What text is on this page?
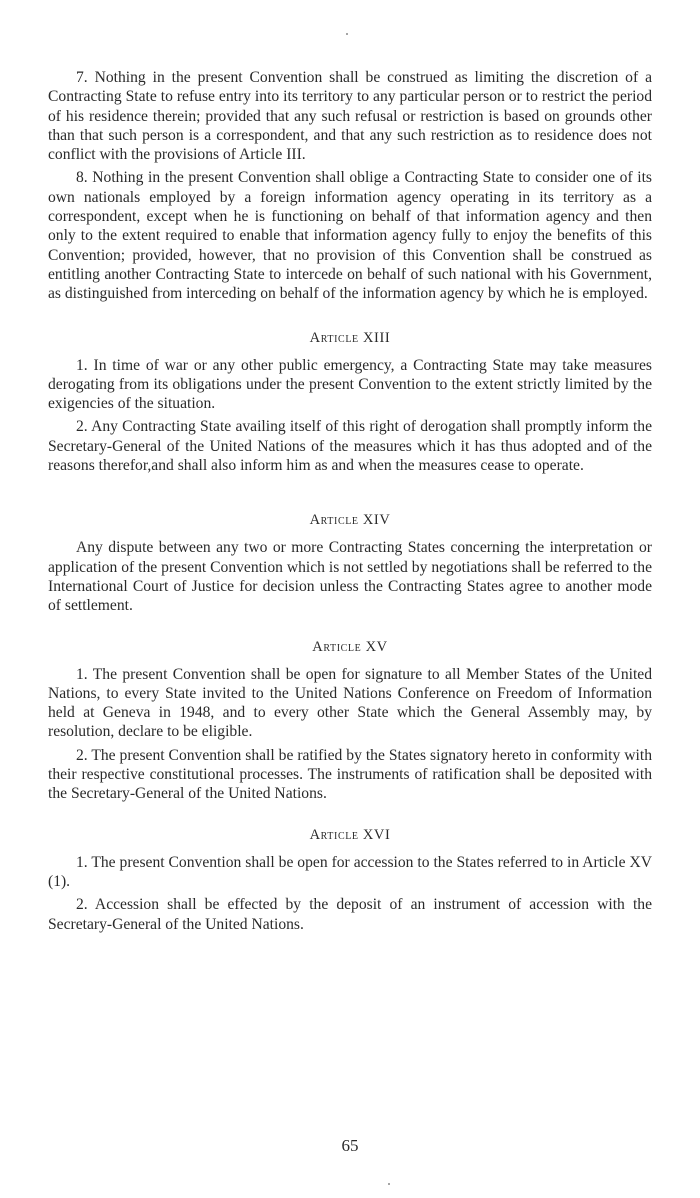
7. Nothing in the present Convention shall be construed as limiting the discretion of a Contracting State to refuse entry into its territory to any particular person or to restrict the period of his residence therein; provided that any such refusal or restriction is based on grounds other than that such person is a correspondent, and that any such restriction as to residence does not conflict with the provisions of Article III.

8. Nothing in the present Convention shall oblige a Contracting State to consider one of its own nationals employed by a foreign information agency operating in its territory as a correspondent, except when he is functioning on behalf of that information agency and then only to the extent required to enable that information agency fully to enjoy the benefits of this Convention; provided, however, that no provision of this Convention shall be construed as entitling another Contracting State to intercede on behalf of such national with his Government, as distinguished from interceding on behalf of the information agency by which he is employed.

Article XIII

1. In time of war or any other public emergency, a Contracting State may take measures derogating from its obligations under the present Convention to the extent strictly limited by the exigencies of the situation.

2. Any Contracting State availing itself of this right of derogation shall promptly inform the Secretary-General of the United Nations of the measures which it has thus adopted and of the reasons therefor,and shall also inform him as and when the measures cease to operate.

Article XIV

Any dispute between any two or more Contracting States concerning the interpretation or application of the present Convention which is not settled by negotiations shall be referred to the International Court of Justice for decision unless the Contracting States agree to another mode of settlement.

Article XV

1. The present Convention shall be open for signature to all Member States of the United Nations, to every State invited to the United Nations Conference on Freedom of Information held at Geneva in 1948, and to every other State which the General Assembly may, by resolution, declare to be eligible.

2. The present Convention shall be ratified by the States signatory hereto in conformity with their respective constitutional processes. The instruments of ratification shall be deposited with the Secretary-General of the United Nations.

Article XVI

1. The present Convention shall be open for accession to the States referred to in Article XV (1).

2. Accession shall be effected by the deposit of an instrument of accession with the Secretary-General of the United Nations.

65
